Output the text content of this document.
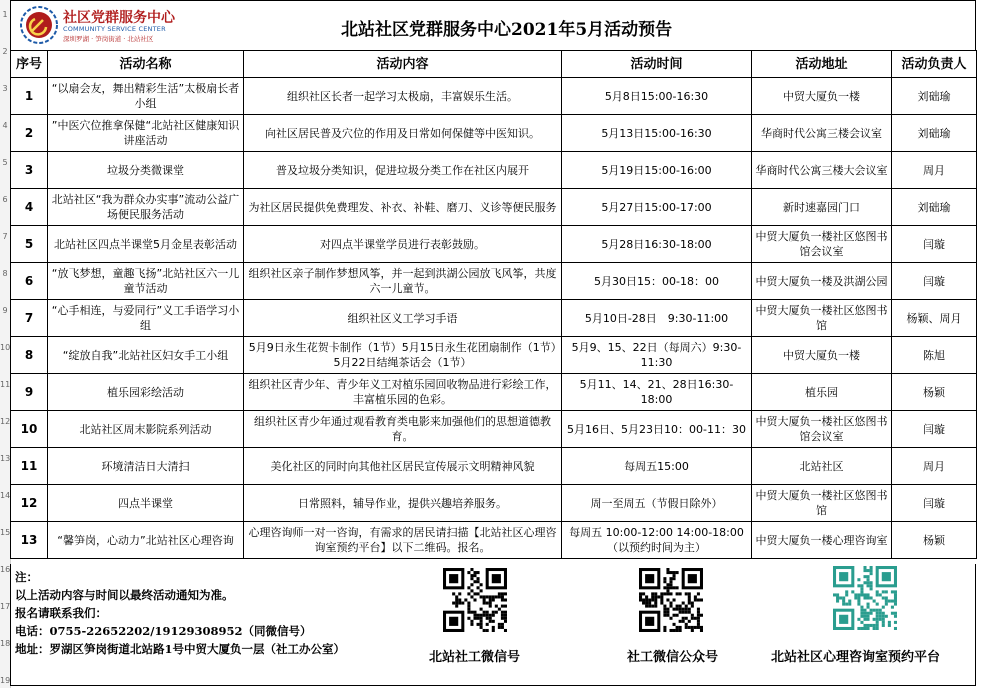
1
2
3
4
5
6
7
8
9
10
11
12
13
14
15
16
17
18
19
社区党群服务中心
COMMUNITY SERVICE CENTER
深圳罗湖 · 笋岗街道 · 北站社区	北站社区党群服务中心2021年5月活动预告
序号	活动名称	活动内容	活动时间	活动地址	活动负责人
1	“以扇会友，舞出精彩生活”太极扇长者小组	组织社区长者一起学习太极扇，丰富娱乐生活。	5月8日15:00-16:30	中贸大厦负一楼	刘础瑜
2	”中医穴位推拿保健“北站社区健康知识讲座活动	向社区居民普及穴位的作用及日常如何保健等中医知识。	5月13日15:00-16:30	华商时代公寓三楼会议室	刘础瑜
3	垃圾分类微课堂	普及垃圾分类知识，促进垃圾分类工作在社区内展开	5月19日15:00-16:00	华商时代公寓三楼大会议室	周月
4	北站社区“我为群众办实事”流动公益广场便民服务活动	为社区居民提供免费理发、补衣、补鞋、磨刀、义诊等便民服务	5月27日15:00-17:00	新时速嘉园门口	刘础瑜
5	北站社区四点半课堂5月金星表彰活动	对四点半课堂学员进行表彰鼓励。	5月28日16:30-18:00	中贸大厦负一楼社区悠图书馆会议室	闫璇
6	“放飞梦想，童趣飞扬”北站社区六一儿童节活动	组织社区亲子制作梦想风筝，并一起到洪湖公园放飞风筝，共度六一儿童节。	5月30日15：00-18：00	中贸大厦负一楼及洪湖公园	闫璇
7	“心手相连，与爱同行”义工手语学习小组	组织社区义工学习手语	5月10日-28日　9:30-11:00	中贸大厦负一楼社区悠图书馆	杨颖、周月
8	“绽放自我”北站社区妇女手工小组	5月9日永生花贺卡制作（1节）5月15日永生花团扇制作（1节）5月22日结绳茶话会（1节）	5月9、15、22日（每周六）9:30-11:30	中贸大厦负一楼	陈旭
9	植乐园彩绘活动	组织社区青少年、青少年义工对植乐园回收物品进行彩绘工作，丰富植乐园的色彩。	5月11、14、21、28日16:30-18:00	植乐园	杨颖
10	北站社区周末影院系列活动	组织社区青少年通过观看教育类电影来加强他们的思想道德教育。	5月16日、5月23日10：00-11：30	中贸大厦负一楼社区悠图书馆会议室	闫璇
11	环境清洁日大清扫	美化社区的同时向其他社区居民宣传展示文明精神风貌	每周五15:00	北站社区	周月
12	四点半课堂	日常照料，辅导作业，提供兴趣培养服务。	周一至周五（节假日除外）	中贸大厦负一楼社区悠图书馆	闫璇
13	“馨笋岗，心动力”北站社区心理咨询	心理咨询师一对一咨询，有需求的居民请扫描【北站社区心理咨询室预约平台】以下二维码。报名。	每周五 10:00-12:00 14:00-18:00（以预约时间为主）	中贸大厦负一楼心理咨询室	杨颖
注：
以上活动内容与时间以最终活动通知为准。
报名请联系我们：
电话：0755-22652202/19129308952（同微信号）
地址：罗湖区笋岗街道北站路1号中贸大厦负一层（社工办公室）
北站社工微信号	社工微信公众号	北站社区心理咨询室预约平台
